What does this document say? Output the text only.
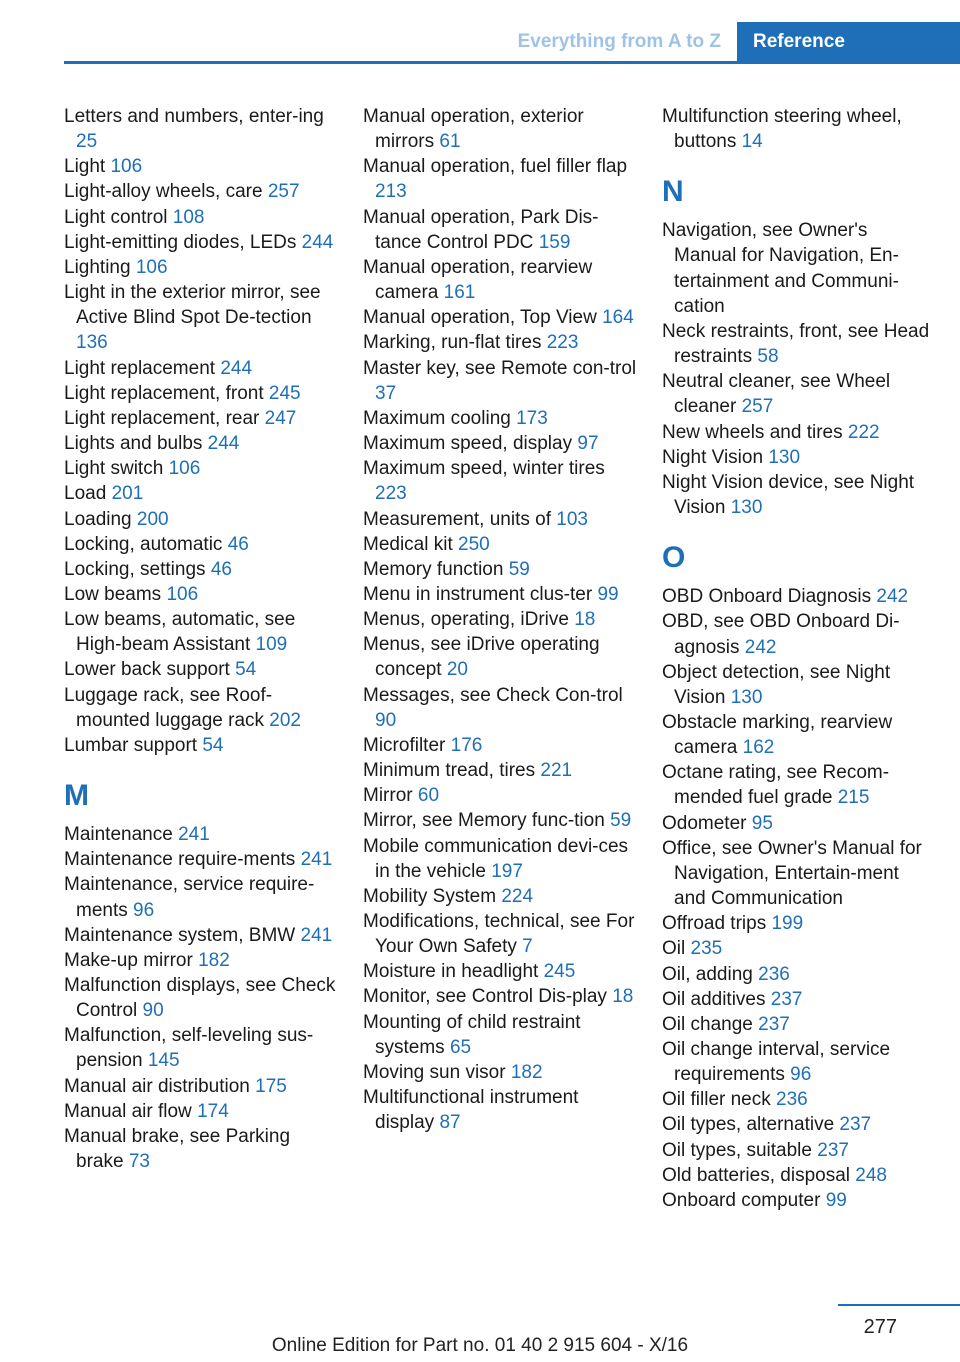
Everything from A to Z	Reference
Letters and numbers, enter-ing 25
Light 106
Light-alloy wheels, care 257
Light control 108
Light-emitting diodes, LEDs 244
Lighting 106
Light in the exterior mirror, see Active Blind Spot De-tection 136
Light replacement 244
Light replacement, front 245
Light replacement, rear 247
Lights and bulbs 244
Light switch 106
Load 201
Loading 200
Locking, automatic 46
Locking, settings 46
Low beams 106
Low beams, automatic, see High-beam Assistant 109
Lower back support 54
Luggage rack, see Roof-mounted luggage rack 202
Lumbar support 54
M
Maintenance 241
Maintenance require-ments 241
Maintenance, service require-ments 96
Maintenance system, BMW 241
Make-up mirror 182
Malfunction displays, see Check Control 90
Malfunction, self-leveling sus-pension 145
Manual air distribution 175
Manual air flow 174
Manual brake, see Parking brake 73
Manual operation, exterior mirrors 61
Manual operation, fuel filler flap 213
Manual operation, Park Dis-tance Control PDC 159
Manual operation, rearview camera 161
Manual operation, Top View 164
Marking, run-flat tires 223
Master key, see Remote con-trol 37
Maximum cooling 173
Maximum speed, display 97
Maximum speed, winter tires 223
Measurement, units of 103
Medical kit 250
Memory function 59
Menu in instrument clus-ter 99
Menus, operating, iDrive 18
Menus, see iDrive operating concept 20
Messages, see Check Con-trol 90
Microfilter 176
Minimum tread, tires 221
Mirror 60
Mirror, see Memory func-tion 59
Mobile communication devi-ces in the vehicle 197
Mobility System 224
Modifications, technical, see For Your Own Safety 7
Moisture in headlight 245
Monitor, see Control Dis-play 18
Mounting of child restraint systems 65
Moving sun visor 182
Multifunctional instrument display 87
Multifunction steering wheel, buttons 14
N
Navigation, see Owner's Manual for Navigation, En-tertainment and Communi-cation
Neck restraints, front, see Head restraints 58
Neutral cleaner, see Wheel cleaner 257
New wheels and tires 222
Night Vision 130
Night Vision device, see Night Vision 130
O
OBD Onboard Diagnosis 242
OBD, see OBD Onboard Di-agnosis 242
Object detection, see Night Vision 130
Obstacle marking, rearview camera 162
Octane rating, see Recom-mended fuel grade 215
Odometer 95
Office, see Owner's Manual for Navigation, Entertain-ment and Communication
Offroad trips 199
Oil 235
Oil, adding 236
Oil additives 237
Oil change 237
Oil change interval, service requirements 96
Oil filler neck 236
Oil types, alternative 237
Oil types, suitable 237
Old batteries, disposal 248
Onboard computer 99
277
Online Edition for Part no. 01 40 2 915 604 - X/16
